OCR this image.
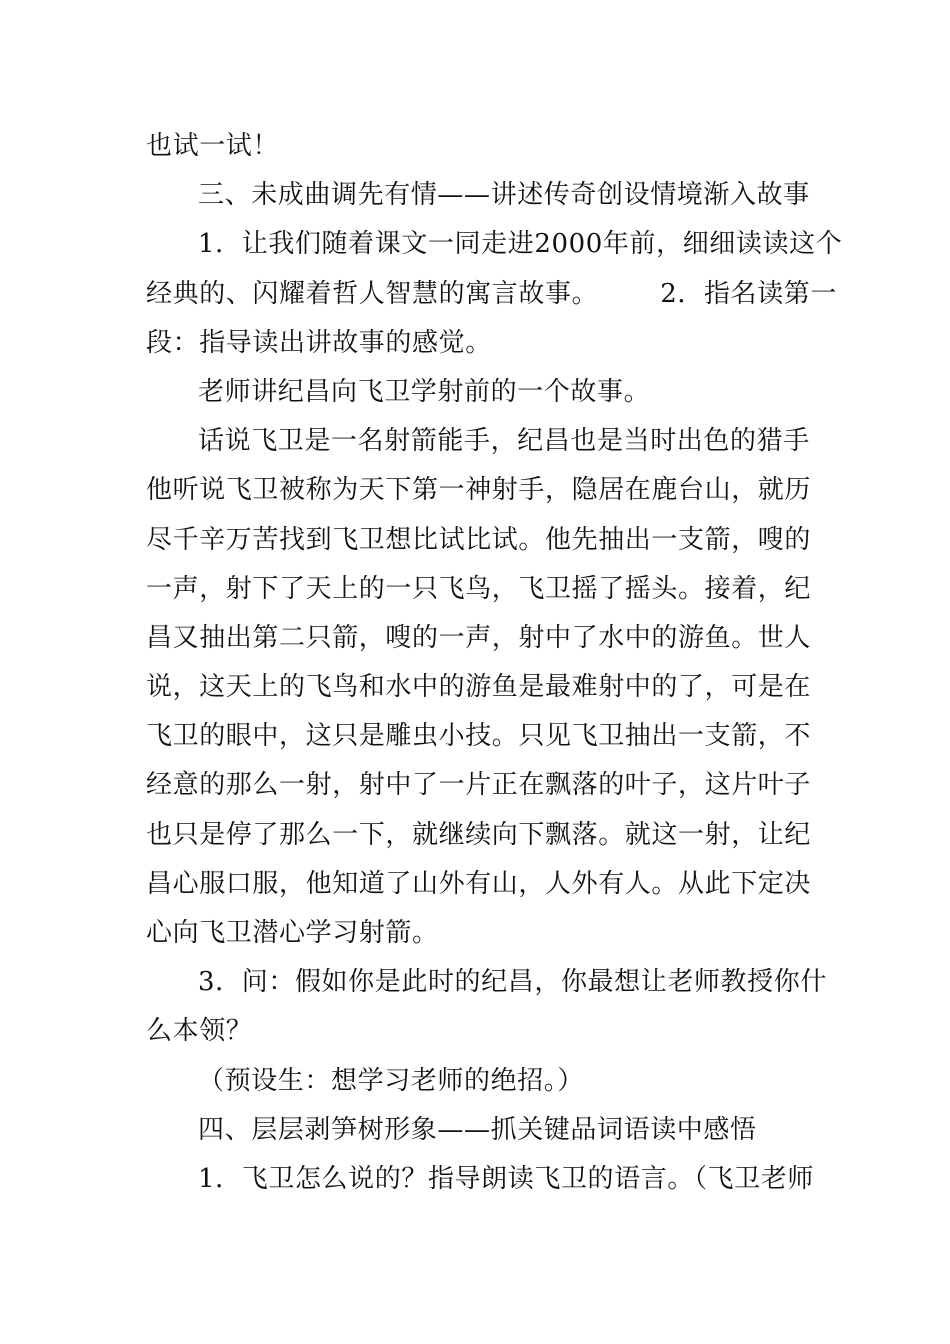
也试一试！
三、未成曲调先有情——讲述传奇创设情境渐入故事
1．让我们随着课文一同走进2000年前，细细读读这个
经典的、闪耀着哲人智慧的寓言故事。 2．指名读第一
段：指导读出讲故事的感觉。
老师讲纪昌向飞卫学射前的一个故事。
话说飞卫是一名射箭能手，纪昌也是当时出色的猎手
他听说飞卫被称为天下第一神射手，隐居在鹿台山，就历
尽千辛万苦找到飞卫想比试比试。他先抽出一支箭，嗖的
一声，射下了天上的一只飞鸟，飞卫摇了摇头。接着，纪
昌又抽出第二只箭，嗖的一声，射中了水中的游鱼。世人
说，这天上的飞鸟和水中的游鱼是最难射中的了，可是在
飞卫的眼中，这只是雕虫小技。只见飞卫抽出一支箭，不
经意的那么一射，射中了一片正在飘落的叶子，这片叶子
也只是停了那么一下，就继续向下飘落。就这一射，让纪
昌心服口服，他知道了山外有山，人外有人。从此下定决
心向飞卫潜心学习射箭。
3．问：假如你是此时的纪昌，你最想让老师教授你什
么本领？
（预设生：想学习老师的绝招。）
四、层层剥笋树形象——抓关键品词语读中感悟
1．飞卫怎么说的？指导朗读飞卫的语言。（飞卫老师
